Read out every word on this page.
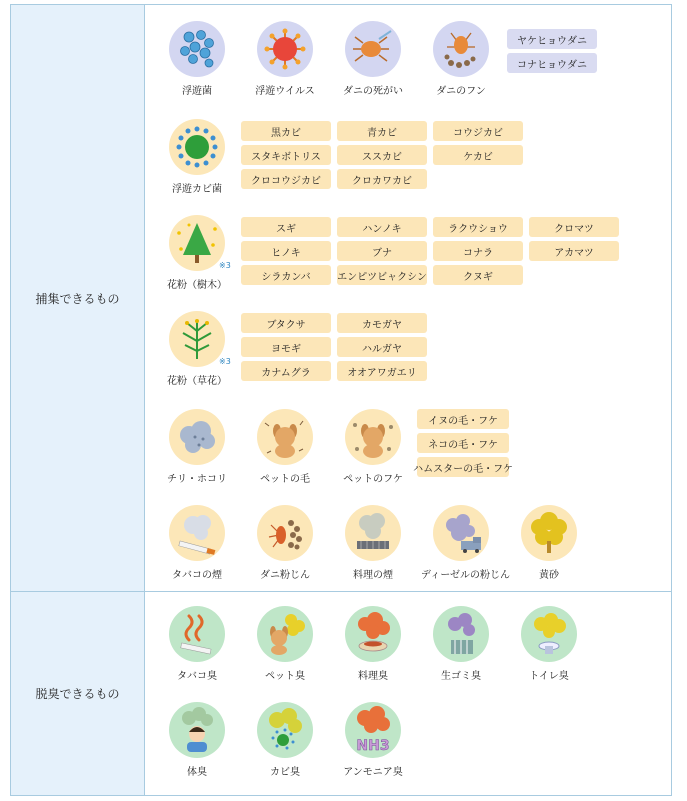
捕集できるもの
浮遊菌	浮遊ウイルス	ダニの死がい	ダニのフン
ヤケヒョウダニ
コナヒョウダニ
浮遊カビ菌
黒カビ	青カビ	コウジカビ
スタキボトリス	ススカビ	ケカビ
クロコウジカビ	クロカワカビ
※3
花粉（樹木）
スギ	ハンノキ	ラクウショウ	クロマツ
ヒノキ	ブナ	コナラ	アカマツ
シラカンバ	エンピツビャクシン	クヌギ
※3
花粉（草花）
ブタクサ	カモガヤ
ヨモギ	ハルガヤ
カナムグラ	オオアワガエリ
チリ・ホコリ	ペットの毛	ペットのフケ
イヌの毛・フケ
ネコの毛・フケ
ハムスターの毛・フケ
タバコの煙	ダニ粉じん	料理の煙	ディーゼルの粉じん	黄砂
脱臭できるもの
タバコ臭	ペット臭	料理臭	生ゴミ臭	トイレ臭
体臭	カビ臭
NH3
アンモニア臭
